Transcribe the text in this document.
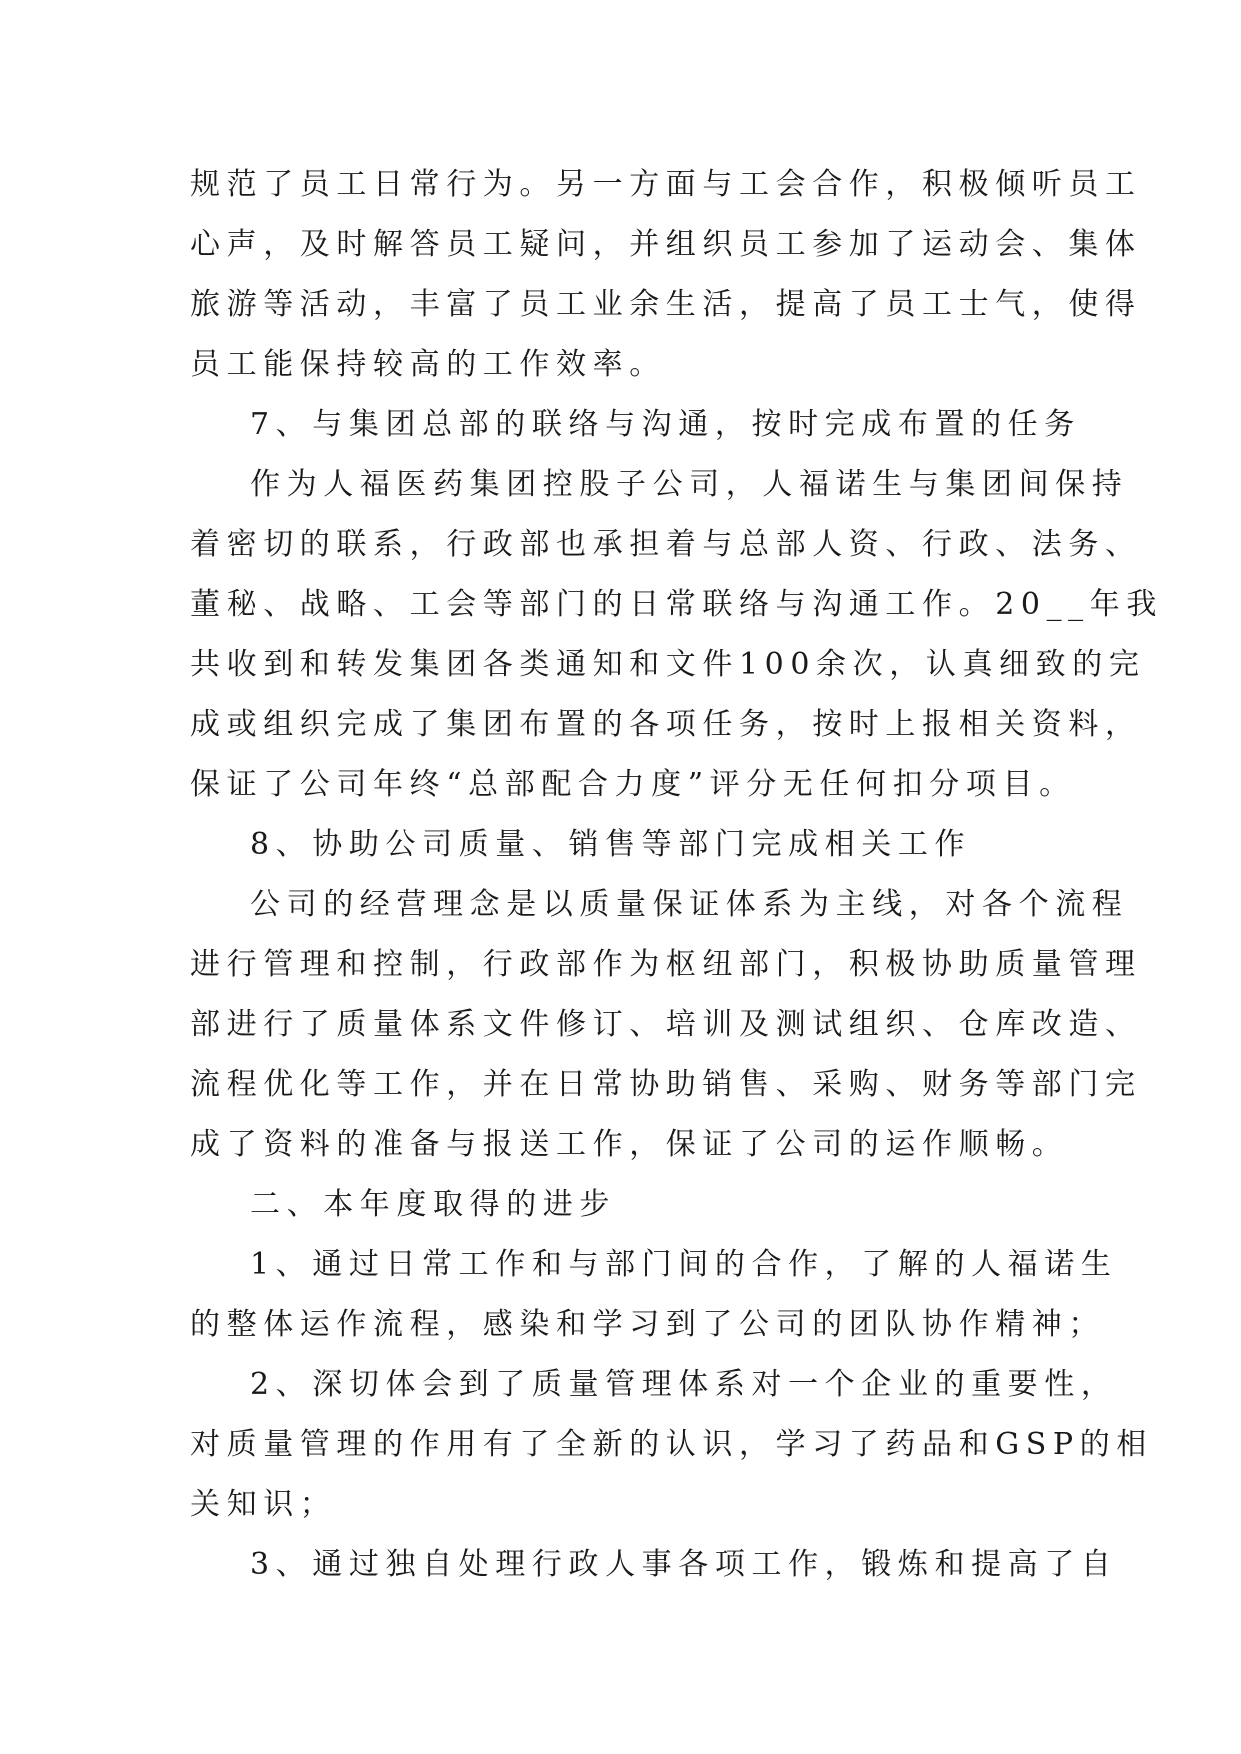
规范了员工日常行为。另一方面与工会合作，积极倾听员工
心声，及时解答员工疑问，并组织员工参加了运动会、集体
旅游等活动，丰富了员工业余生活，提高了员工士气，使得
员工能保持较高的工作效率。
7、与集团总部的联络与沟通，按时完成布置的任务
作为人福医药集团控股子公司，人福诺生与集团间保持
着密切的联系，行政部也承担着与总部人资、行政、法务、
董秘、战略、工会等部门的日常联络与沟通工作。20__年我
共收到和转发集团各类通知和文件100余次，认真细致的完
成或组织完成了集团布置的各项任务，按时上报相关资料，
保证了公司年终“总部配合力度”评分无任何扣分项目。
8、协助公司质量、销售等部门完成相关工作
公司的经营理念是以质量保证体系为主线，对各个流程
进行管理和控制，行政部作为枢纽部门，积极协助质量管理
部进行了质量体系文件修订、培训及测试组织、仓库改造、
流程优化等工作，并在日常协助销售、采购、财务等部门完
成了资料的准备与报送工作，保证了公司的运作顺畅。
二、本年度取得的进步
1、通过日常工作和与部门间的合作，了解的人福诺生
的整体运作流程，感染和学习到了公司的团队协作精神；
2、深切体会到了质量管理体系对一个企业的重要性，
对质量管理的作用有了全新的认识，学习了药品和GSP的相
关知识；
3、通过独自处理行政人事各项工作，锻炼和提高了自
